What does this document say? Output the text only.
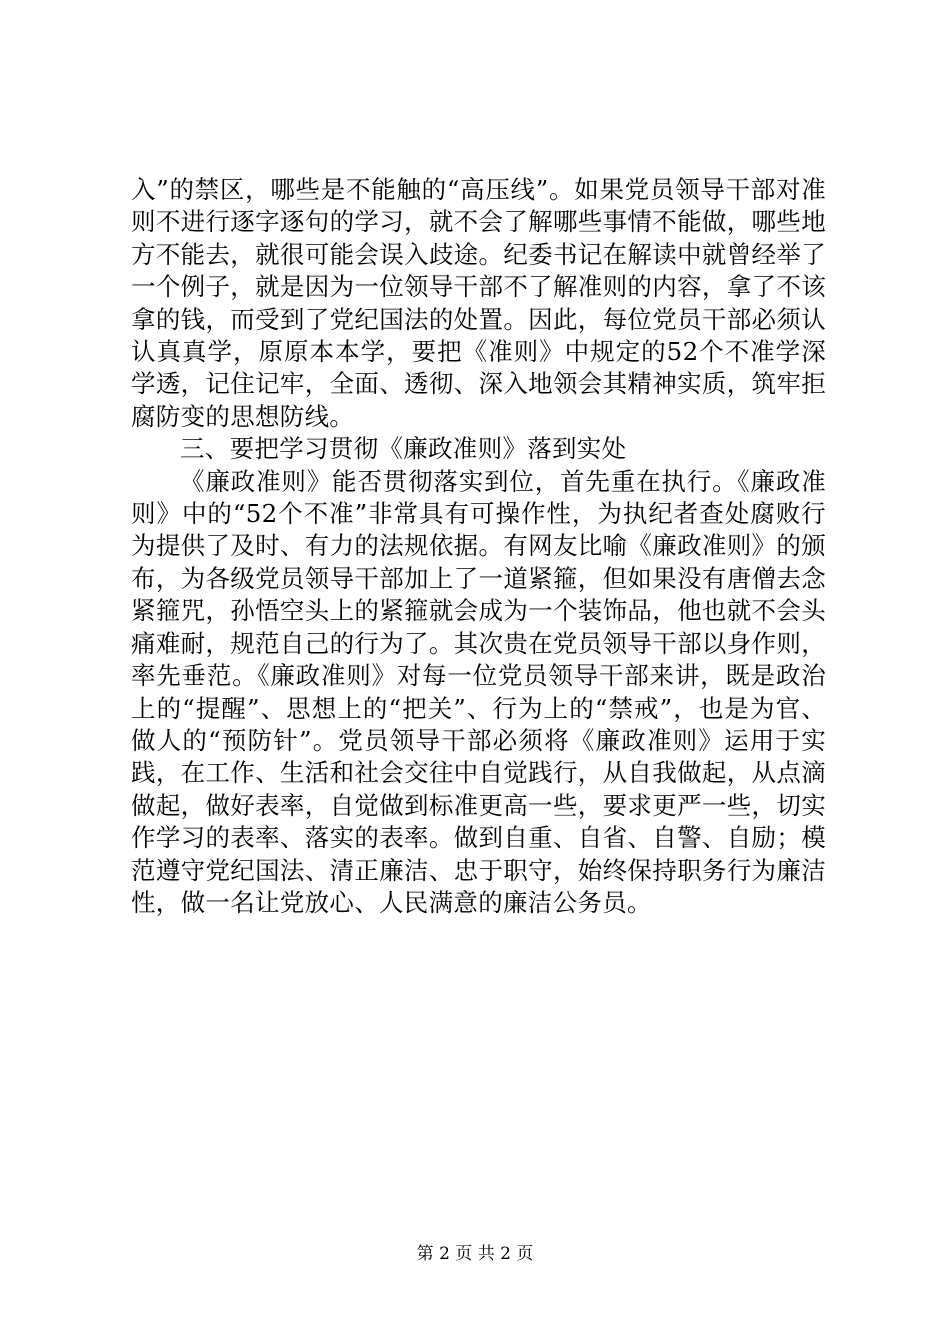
入”的禁区，哪些是不能触的“高压线”。如果党员领导干部对准则不进行逐字逐句的学习，就不会了解哪些事情不能做，哪些地方不能去，就很可能会误入歧途。纪委书记在解读中就曾经举了一个例子，就是因为一位领导干部不了解准则的内容，拿了不该拿的钱，而受到了党纪国法的处置。因此，每位党员干部必须认认真真学，原原本本学，要把《准则》中规定的52个不准学深学透，记住记牢，全面、透彻、深入地领会其精神实质，筑牢拒腐防变的思想防线。

三、要把学习贯彻《廉政准则》落到实处

《廉政准则》能否贯彻落实到位，首先重在执行。《廉政准则》中的“52个不准”非常具有可操作性，为执纪者查处腐败行为提供了及时、有力的法规依据。有网友比喻《廉政准则》的颁布，为各级党员领导干部加上了一道紧箍，但如果没有唐僧去念紧箍咒，孙悟空头上的紧箍就会成为一个装饰品，他也就不会头痛难耐，规范自己的行为了。其次贵在党员领导干部以身作则，率先垂范。《廉政准则》对每一位党员领导干部来讲，既是政治上的“提醒”、思想上的“把关”、行为上的“禁戒”，也是为官、做人的“预防针”。党员领导干部必须将《廉政准则》运用于实践，在工作、生活和社会交往中自觉践行，从自我做起，从点滴做起，做好表率，自觉做到标准更高一些，要求更严一些，切实作学习的表率、落实的表率。做到自重、自省、自警、自励；模范遵守党纪国法、清正廉洁、忠于职守，始终保持职务行为廉洁性，做一名让党放心、人民满意的廉洁公务员。

第 2 页 共 2 页
